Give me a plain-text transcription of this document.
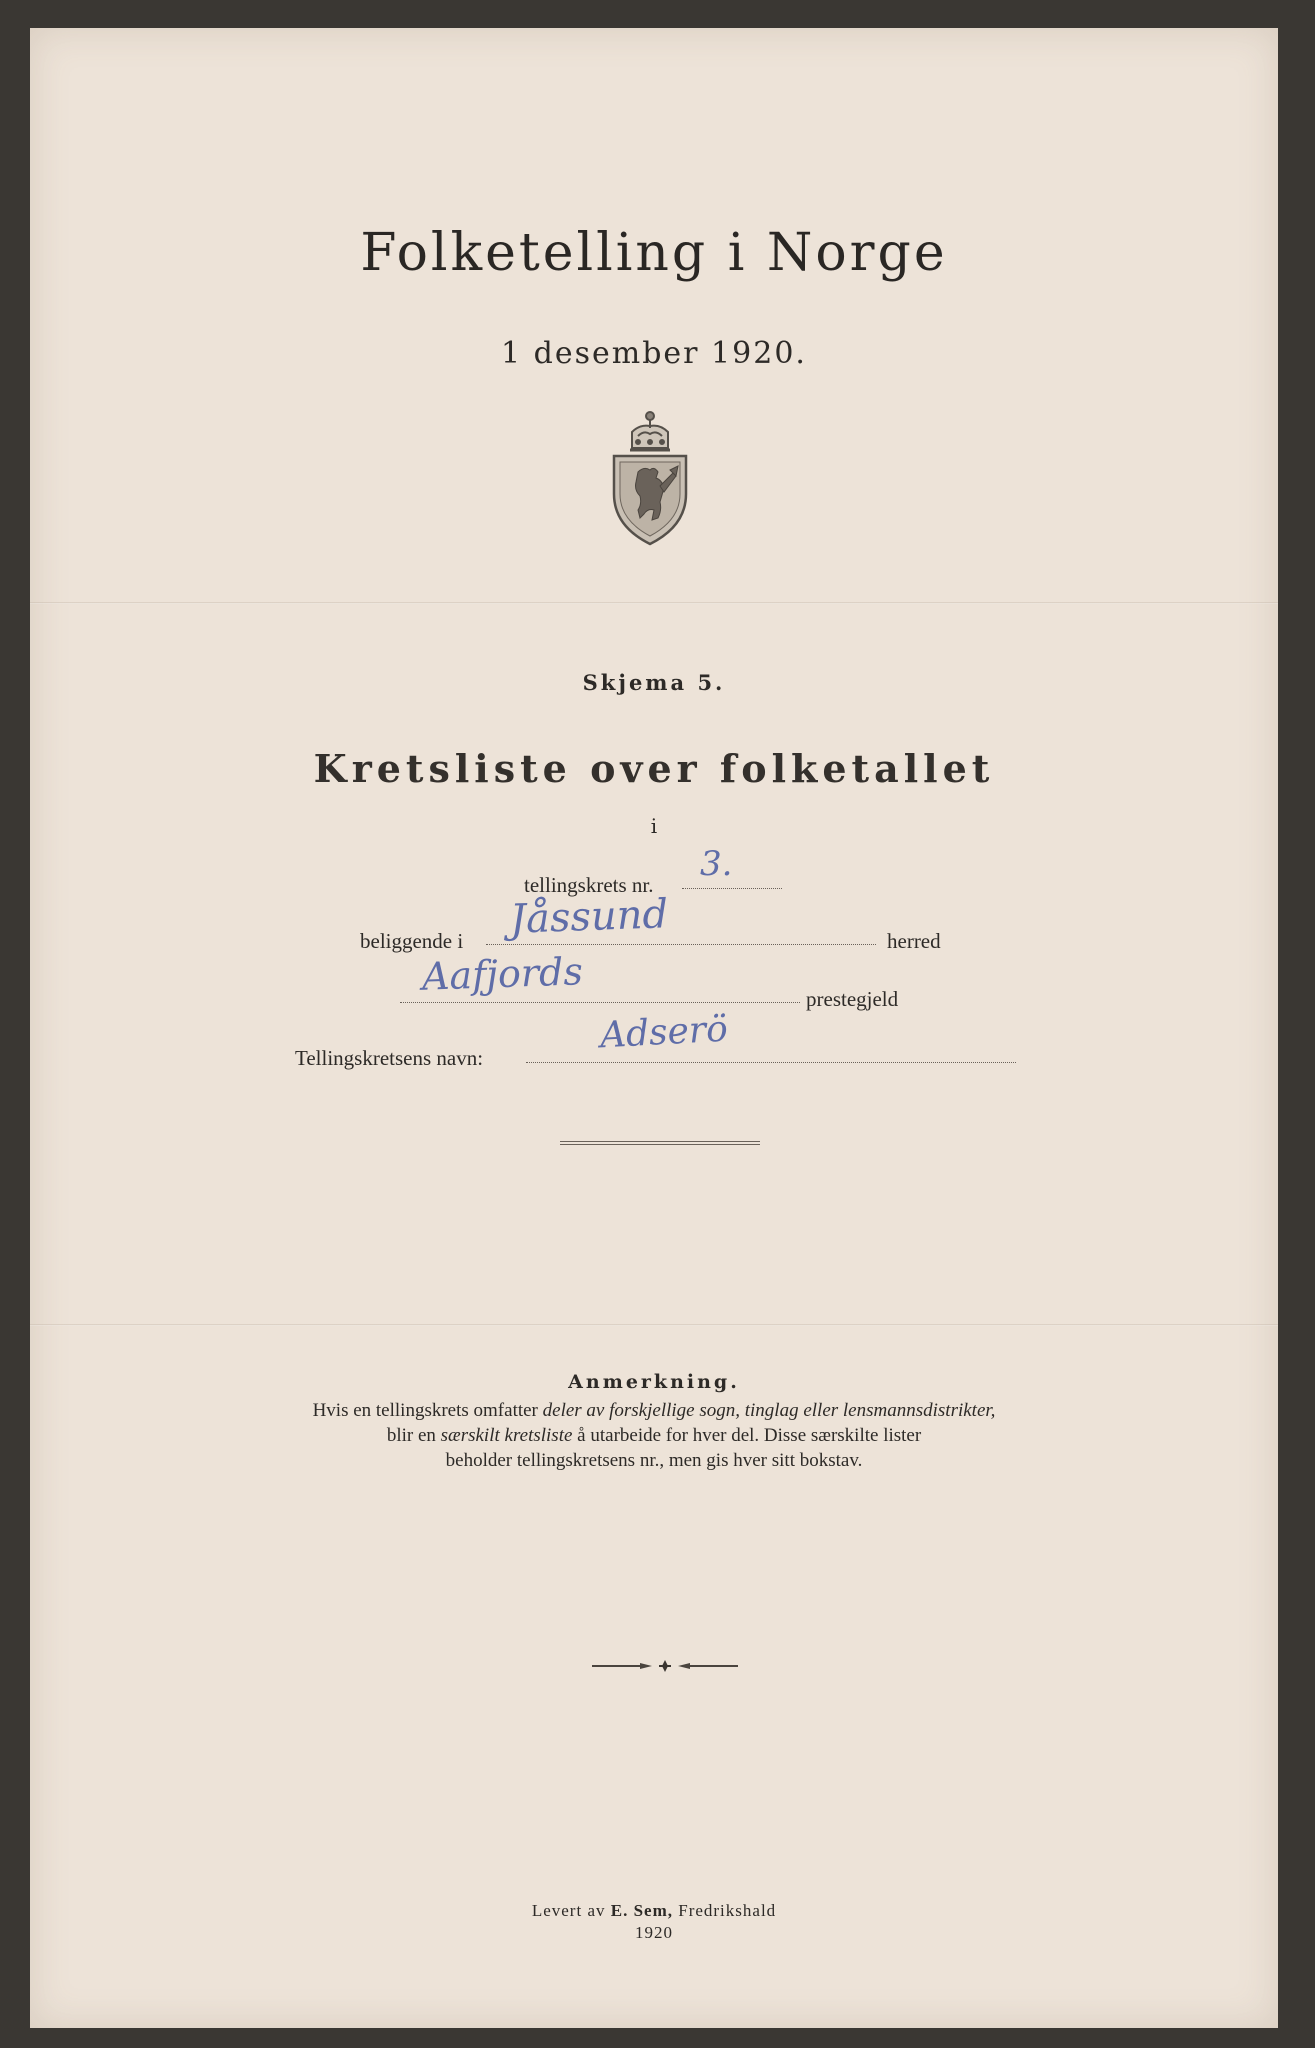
Folketelling i Norge
1 desember 1920.
Skjema 5.
Kretsliste over folketallet
i
tellingskrets nr.
3.
beliggende i Jåssund	herred
Aafjords
prestegjeld
Tellingskretsens navn:
Adserö
Anmerkning.
Hvis en tellingskrets omfatter deler av forskjellige sogn, tinglag eller lensmannsdistrikter,
blir en særskilt kretsliste å utarbeide for hver del. Disse særskilte lister
beholder tellingskretsens nr., men gis hver sitt bokstav.
Levert av E. Sem, Fredrikshald
1920
